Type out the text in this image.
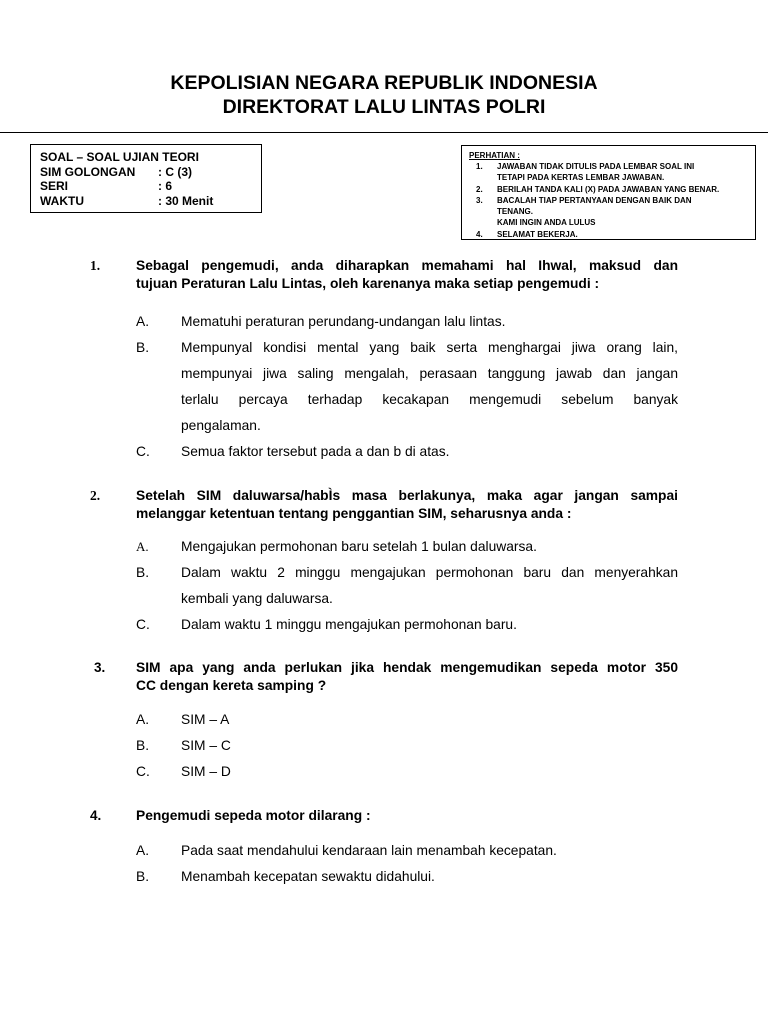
KEPOLISIAN NEGARA REPUBLIK INDONESIA
DIREKTORAT LALU LINTAS POLRI
SOAL – SOAL UJIAN TEORI
SIM GOLONGAN : C (3)
SERI	: 6
WAKTU	: 30 Menit
PERHATIAN :
1. JAWABAN TIDAK DITULIS PADA LEMBAR SOAL INI
TETAPI PADA KERTAS LEMBAR JAWABAN.
2. BERILAH TANDA KALI (X) PADA JAWABAN YANG BENAR.
3. BACALAH TIAP PERTANYAAN DENGAN BAIK DAN
TENANG.
KAMI INGIN ANDA LULUS
4. SELAMAT BEKERJA.
1.	Sebagal pengemudi, anda diharapkan memahami hal Ihwal, maksud dan
tujuan Peraturan Lalu Lintas, oleh karenanya maka setiap pengemudi :
A. Mematuhi peraturan perundang-undangan lalu lintas.
B. Mempunyal kondisi mental yang baik serta menghargai jiwa orang lain,
mempunyai jiwa saling mengalah, perasaan tanggung jawab dan jangan
terlalu percaya terhadap kecakapan mengemudi sebelum banyak
pengalaman.
C. Semua faktor tersebut pada a dan b di atas.
2.	Setelah SIM daluwarsa/habÌs masa berlakunya, maka agar jangan sampai
melanggar ketentuan tentang penggantian SIM, seharusnya anda :
A. Mengajukan permohonan baru setelah 1 bulan daluwarsa.
B. Dalam waktu 2 minggu mengajukan permohonan baru dan menyerahkan
kembali yang daluwarsa.
C. Dalam waktu 1 minggu mengajukan permohonan baru.
3. SIM apa yang anda perlukan jika hendak mengemudikan sepeda motor 350
CC dengan kereta samping ?
A. SIM – A
B. SIM – C
C. SIM – D
4.	Pengemudi sepeda motor dilarang :
A. Pada saat mendahului kendaraan lain menambah kecepatan.
B. Menambah kecepatan sewaktu didahului.
